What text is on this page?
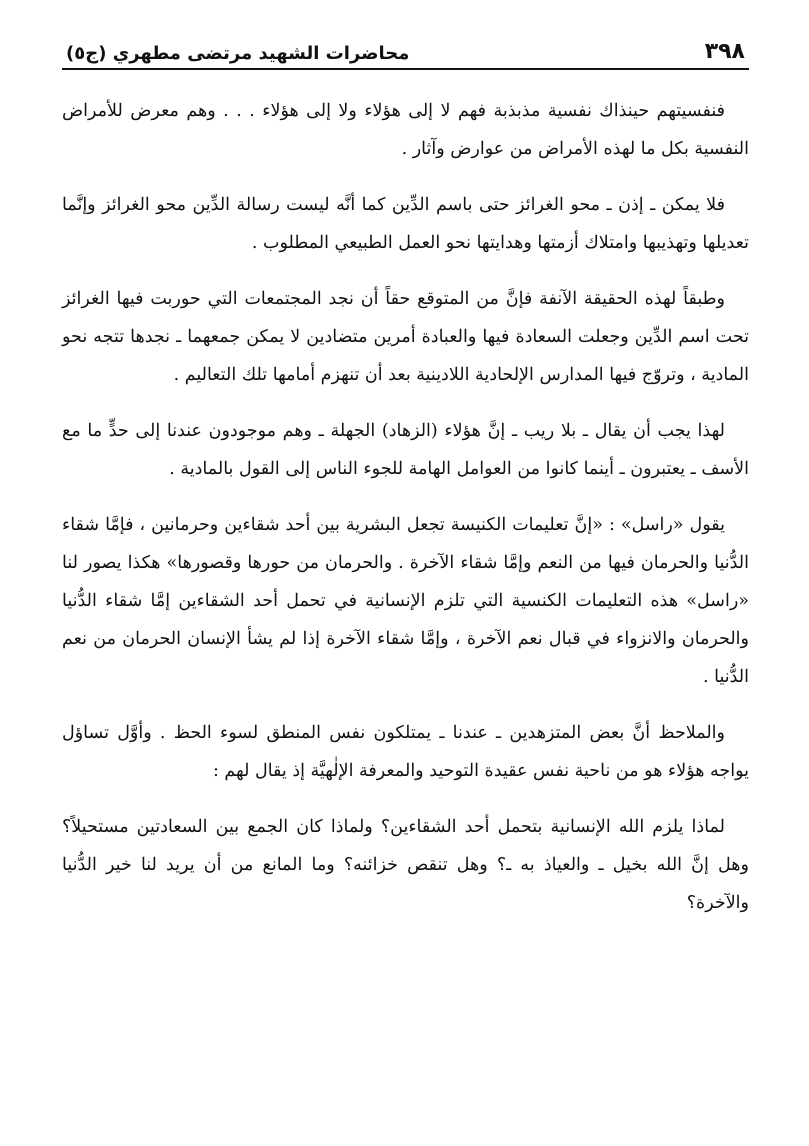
٣٩٨
محاضرات الشهيد مرتضى مطهري (ج٥)

فنفسيتهم حينذاك نفسية مذبذبة فهم لا إلى هؤلاء ولا إلى هؤلاء . . . وهم معرض للأمراض النفسية بكل ما لهذه الأمراض من عوارض وآثار .

فلا يمكن ـ إذن ـ محو الغرائز حتى باسم الدِّين كما أنَّه ليست رسالة الدِّين محو الغرائز وإنَّما تعديلها وتهذيبها وامتلاك أزمتها وهدايتها نحو العمل الطبيعي المطلوب .

وطبقاً لهذه الحقيقة الآنفة فإنَّ من المتوقع حقاً أن نجد المجتمعات التي حوربت فيها الغرائز تحت اسم الدِّين وجعلت السعادة فيها والعبادة أمرين متضادين لا يمكن جمعهما ـ نجدها تتجه نحو المادية ، وتروّج فيها المدارس الإلحادية اللادينية بعد أن تنهزم أمامها تلك التعاليم .

لهذا يجب أن يقال ـ بلا ريب ـ إنَّ هؤلاء (الزهاد) الجهلة ـ وهم موجودون عندنا إلى حدٍّ ما مع الأسف ـ يعتبرون ـ أينما كانوا من العوامل الهامة للجوء الناس إلى القول بالمادية .

يقول «راسل» : «إنَّ تعليمات الكنيسة تجعل البشرية بين أحد شقاءين وحرمانين ، فإمَّا شقاء الدُّنيا والحرمان فيها من النعم وإمَّا شقاء الآخرة . والحرمان من حورها وقصورها» هكذا يصور لنا «راسل» هذه التعليمات الكنسية التي تلزم الإنسانية في تحمل أحد الشقاءين إمَّا شقاء الدُّنيا والحرمان والانزواء في قبال نعم الآخرة ، وإمَّا شقاء الآخرة إذا لم يشأ الإنسان الحرمان من نعم الدُّنيا .

والملاحظ أنَّ بعض المتزهدين ـ عندنا ـ يمتلكون نفس المنطق لسوء الحظ . وأوَّل تساؤل يواجه هؤلاء هو من ناحية نفس عقيدة التوحيد والمعرفة الإلٰهيَّة إذ يقال لهم :

لماذا يلزم الله الإنسانية بتحمل أحد الشقاءين؟ ولماذا كان الجمع بين السعادتين مستحيلاً؟ وهل إنَّ الله بخيل ـ والعياذ به ـ؟ وهل تنقص خزائنه؟ وما المانع من أن يريد لنا خير الدُّنيا والآخرة؟
